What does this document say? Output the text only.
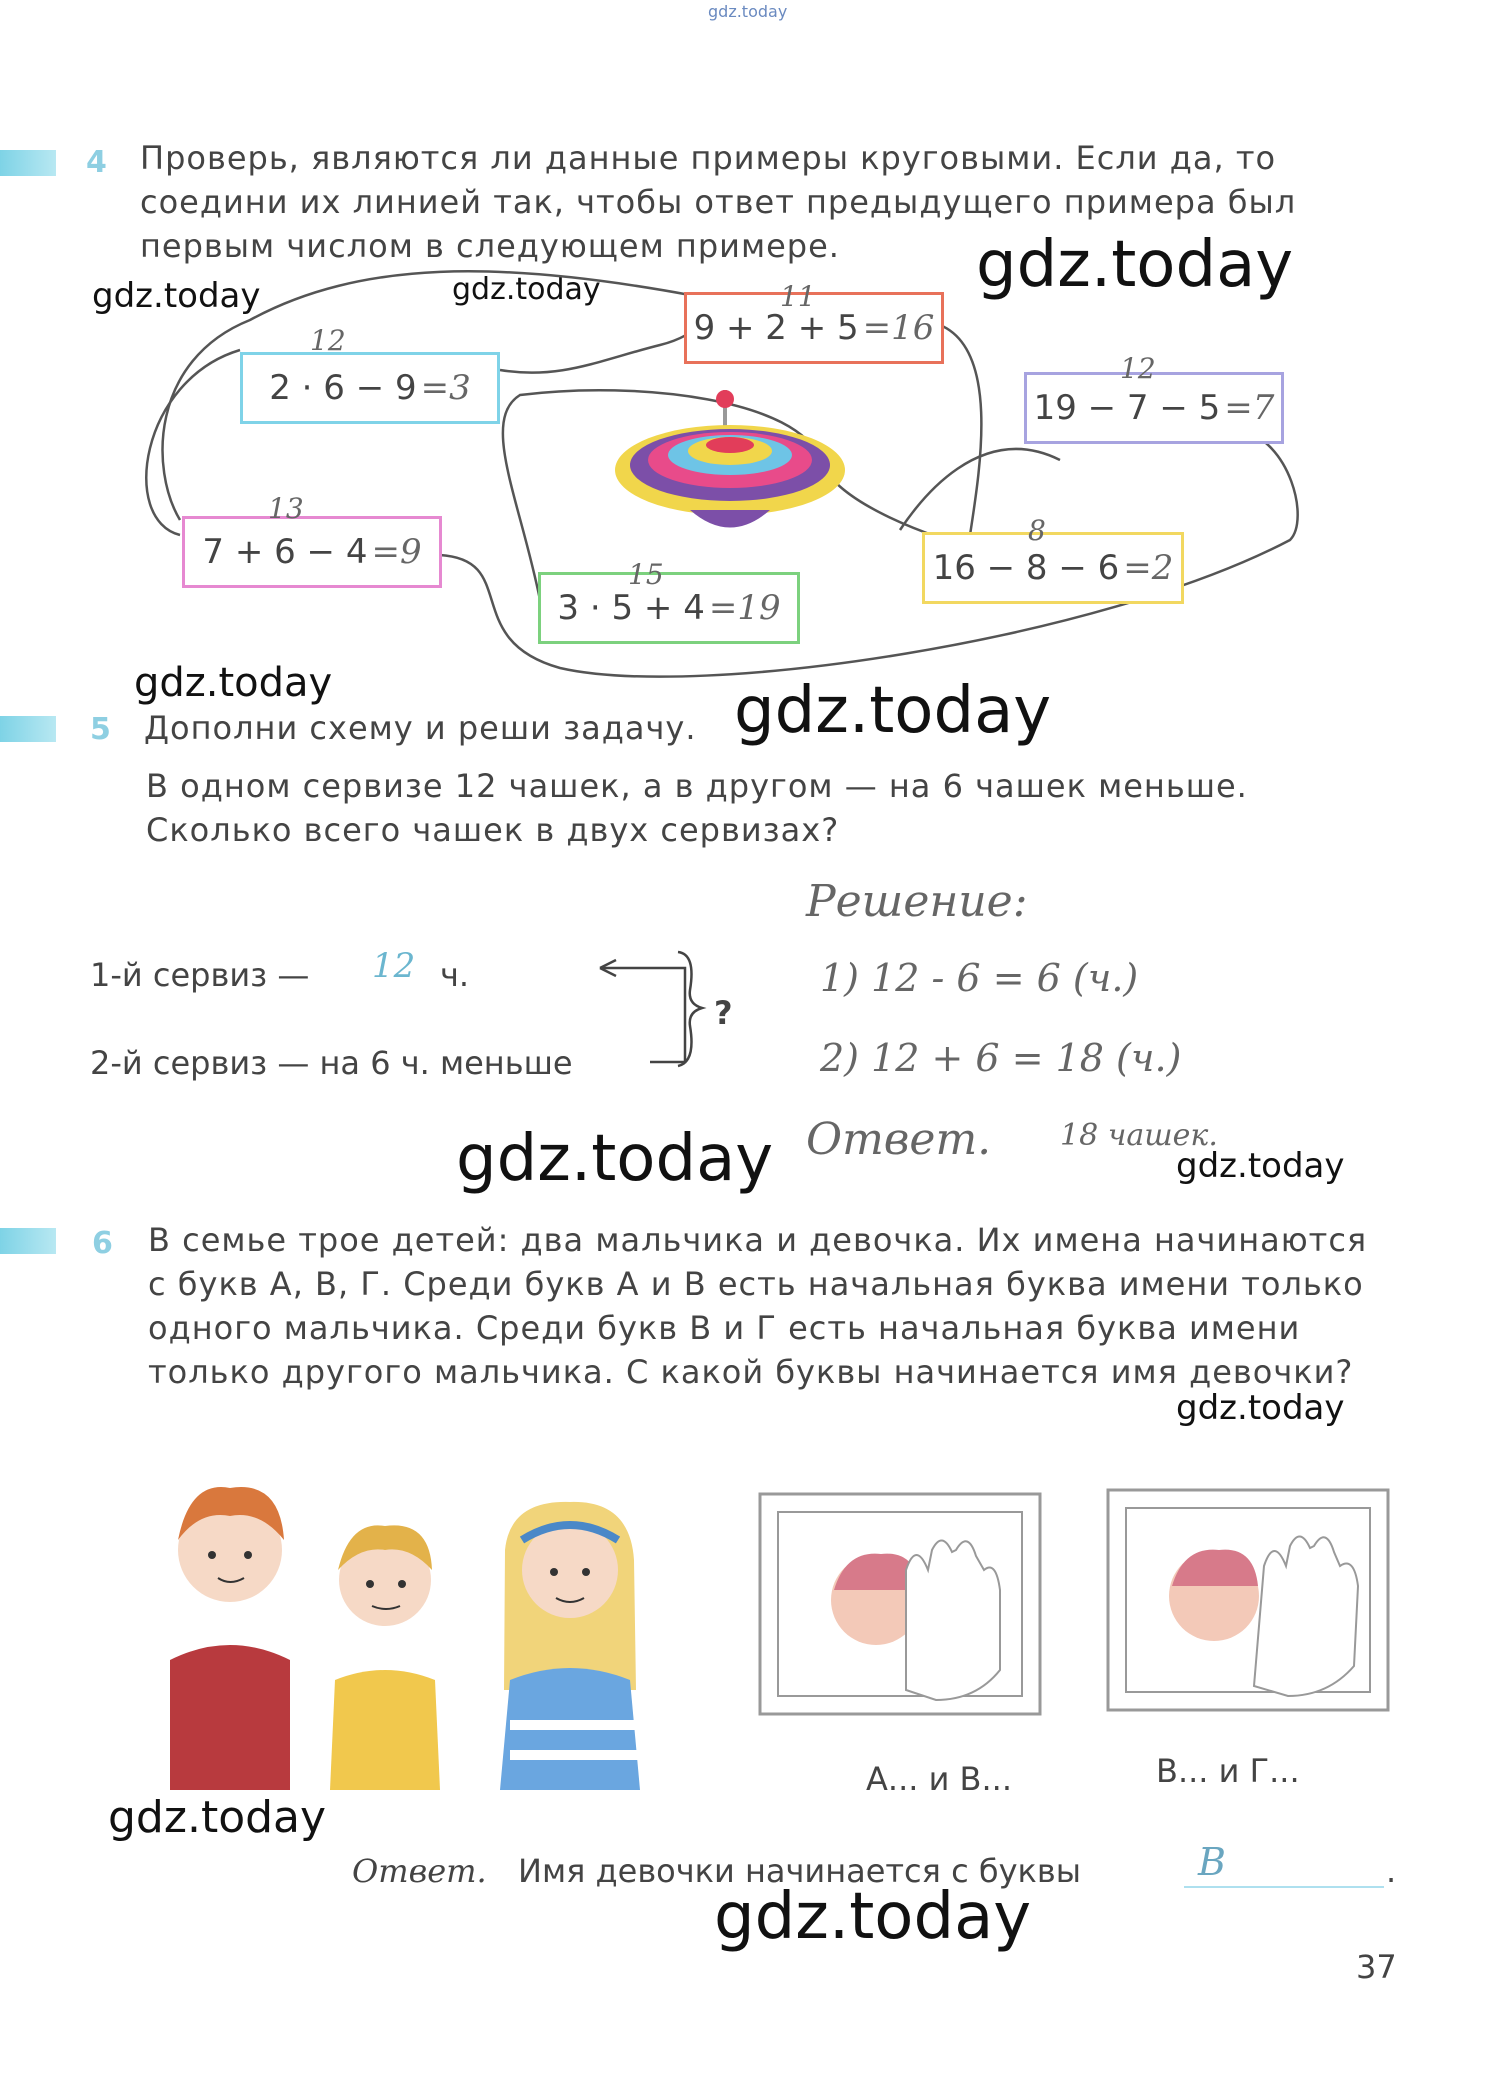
gdz.today
4 Проверь, являются ли данные примеры круговыми. Если да, то соедини их линией так, чтобы ответ предыдущего примера был первым числом в следующем примере.
gdz.today	gdz.today	gdz.today
9 + 2 + 5 = 16
11
2 · 6 − 9 = 3
12
19 − 7 − 5 = 7
12
7 + 6 − 4 = 9
13
3 · 5 + 4 = 19
15	16 − 8 − 6 = 2
8
gdz.today
5 Дополни схему и реши задачу. gdz.today
В одном сервизе 12 чашек, а в другом — на 6 чашек меньше. Сколько всего чашек в двух сервизах?
1-й сервиз — 12 ч.
2-й сервиз — на 6 ч. меньше
?
Решение:
1) 12 - 6 = 6 (ч.)
2) 12 + 6 = 18 (ч.)
Ответ. 18 чашек.
gdz.today	gdz.today
6 В семье трое детей: два мальчика и девочка. Их имена начинаются с букв А, В, Г. Среди букв А и В есть начальная буква имени только одного мальчика. Среди букв В и Г есть начальная буква имени только другого мальчика. С какой буквы начинается имя девочки?
gdz.today
А... и В...	В... и Г...
gdz.today
Ответ. Имя девочки начинается с буквы	В	.
gdz.today
37
